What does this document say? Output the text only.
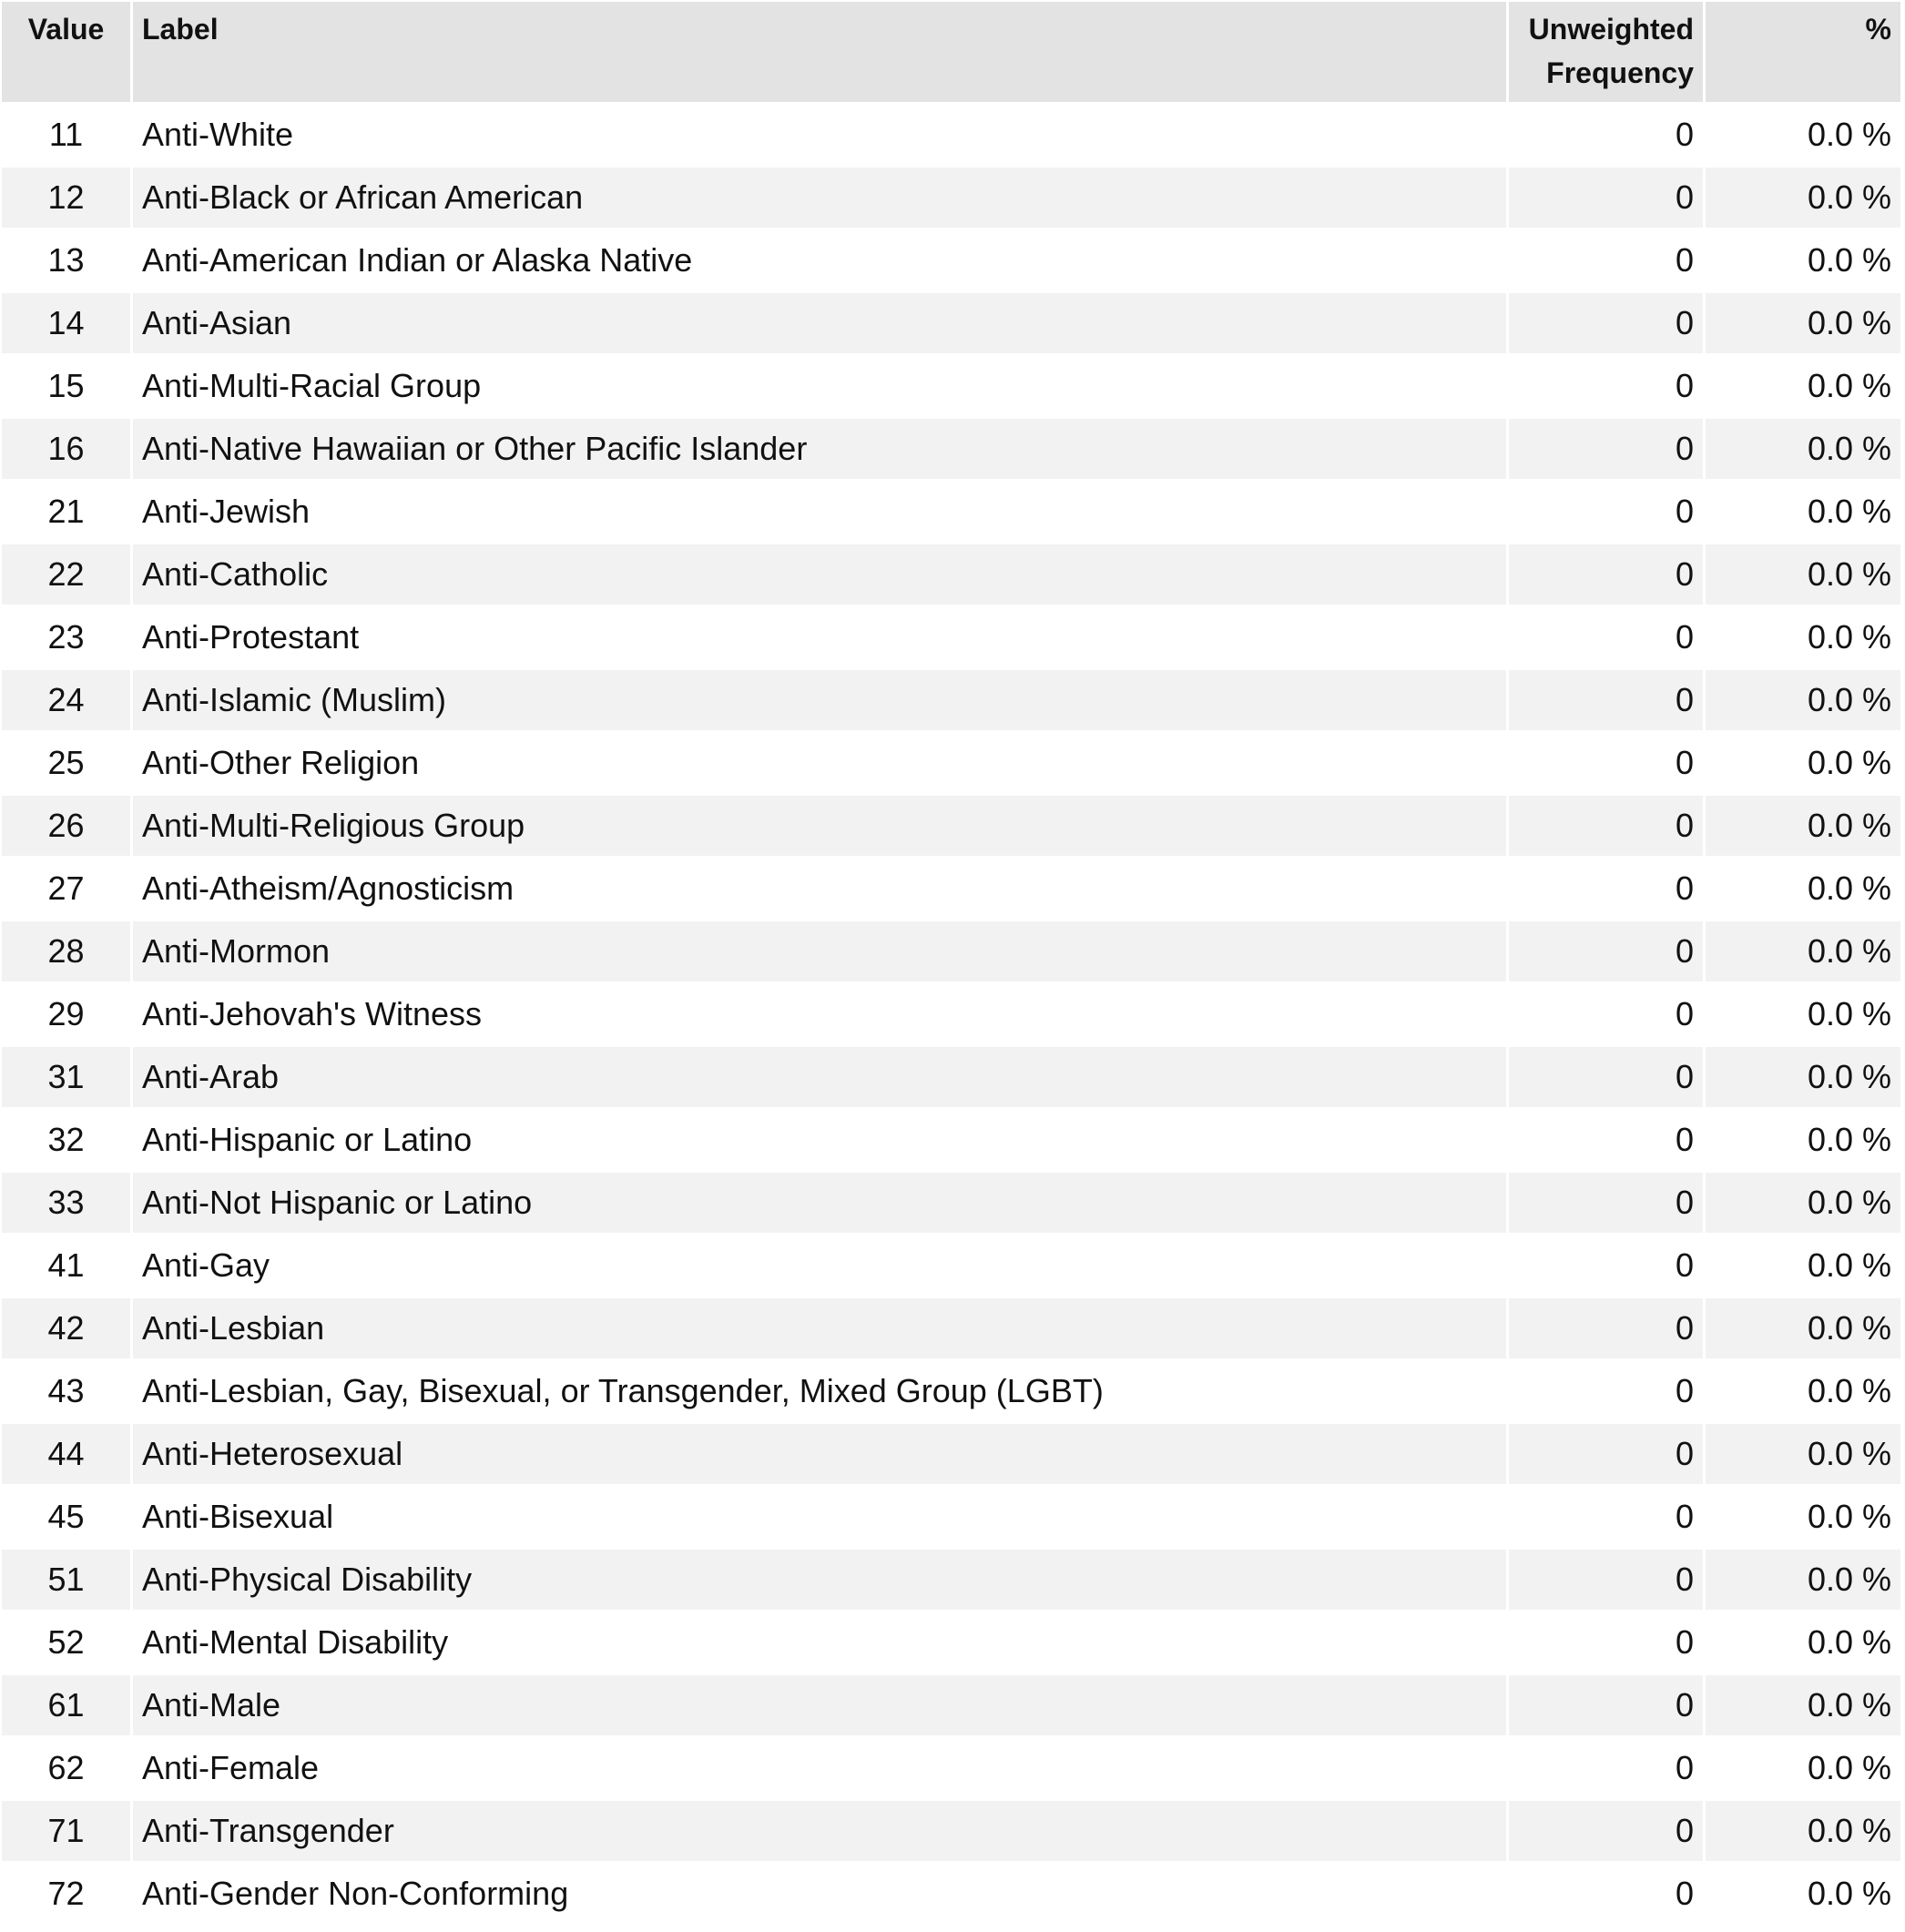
Value	Label	Unweighted
Frequency	%
11	Anti-White	0	0.0 %
12	Anti-Black or African American	0	0.0 %
13	Anti-American Indian or Alaska Native	0	0.0 %
14	Anti-Asian	0	0.0 %
15	Anti-Multi-Racial Group	0	0.0 %
16	Anti-Native Hawaiian or Other Pacific Islander	0	0.0 %
21	Anti-Jewish	0	0.0 %
22	Anti-Catholic	0	0.0 %
23	Anti-Protestant	0	0.0 %
24	Anti-Islamic (Muslim)	0	0.0 %
25	Anti-Other Religion	0	0.0 %
26	Anti-Multi-Religious Group	0	0.0 %
27	Anti-Atheism/Agnosticism	0	0.0 %
28	Anti-Mormon	0	0.0 %
29	Anti-Jehovah's Witness	0	0.0 %
31	Anti-Arab	0	0.0 %
32	Anti-Hispanic or Latino	0	0.0 %
33	Anti-Not Hispanic or Latino	0	0.0 %
41	Anti-Gay	0	0.0 %
42	Anti-Lesbian	0	0.0 %
43	Anti-Lesbian, Gay, Bisexual, or Transgender, Mixed Group (LGBT)	0	0.0 %
44	Anti-Heterosexual	0	0.0 %
45	Anti-Bisexual	0	0.0 %
51	Anti-Physical Disability	0	0.0 %
52	Anti-Mental Disability	0	0.0 %
61	Anti-Male	0	0.0 %
62	Anti-Female	0	0.0 %
71	Anti-Transgender	0	0.0 %
72	Anti-Gender Non-Conforming	0	0.0 %
